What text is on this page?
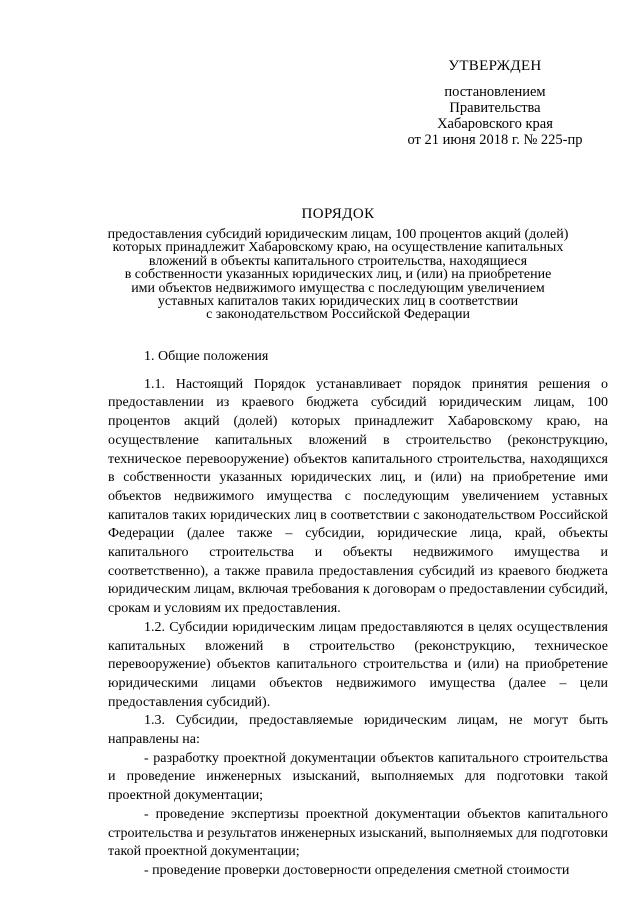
УТВЕРЖДЕН
постановлением
Правительства
Хабаровского края
от 21 июня 2018 г. № 225-пр
ПОРЯДОК
предоставления субсидий юридическим лицам, 100 процентов акций (долей)
которых принадлежит Хабаровскому краю, на осуществление капитальных
вложений в объекты капитального строительства, находящиеся
в собственности указанных юридических лиц, и (или) на приобретение
ими объектов недвижимого имущества с последующим увеличением
уставных капиталов таких юридических лиц в соответствии
с законодательством Российской Федерации
1. Общие положения

1.1. Настоящий Порядок устанавливает порядок принятия решения о предоставлении из краевого бюджета субсидий юридическим лицам, 100 процентов акций (долей) которых принадлежит Хабаровскому краю, на осуществление капитальных вложений в строительство (реконструкцию, техническое перевооружение) объектов капитального строительства, находящихся в собственности указанных юридических лиц, и (или) на приобретение ими объектов недвижимого имущества с последующим увеличением уставных капиталов таких юридических лиц в соответствии с законодательством Российской Федерации (далее также – субсидии, юридические лица, край, объекты капитального строительства и объекты недвижимого имущества и соответственно), а также правила предоставления субсидий из краевого бюджета юридическим лицам, включая требования к договорам о предоставлении субсидий, срокам и условиям их предоставления.

1.2. Субсидии юридическим лицам предоставляются в целях осуществления капитальных вложений в строительство (реконструкцию, техническое перевооружение) объектов капитального строительства и (или) на приобретение юридическими лицами объектов недвижимого имущества (далее – цели предоставления субсидий).

1.3. Субсидии, предоставляемые юридическим лицам, не могут быть направлены на:

- разработку проектной документации объектов капитального строительства и проведение инженерных изысканий, выполняемых для подготовки такой проектной документации;

- проведение экспертизы проектной документации объектов капитального строительства и результатов инженерных изысканий, выполняемых для подготовки такой проектной документации;

- проведение проверки достоверности определения сметной стоимости
